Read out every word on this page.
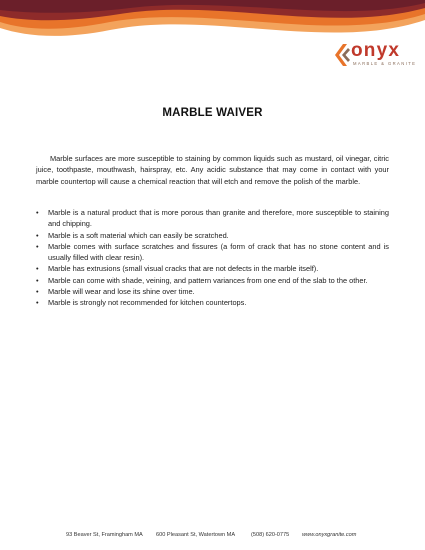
onyx
MARBLE & GRANITE
MARBLE WAIVER

Marble surfaces are more susceptible to staining by common liquids such as mustard, oil vinegar, citric juice, toothpaste, mouthwash, hairspray, etc. Any acidic substance that may come in contact with your marble countertop will cause a chemical reaction that will etch and remove the polish of the marble.

• Marble is a natural product that is more porous than granite and therefore, more susceptible to staining and chipping.
• Marble is a soft material which can easily be scratched.
• Marble comes with surface scratches and fissures (a form of crack that has no stone content and is usually filled with clear resin).
• Marble has extrusions (small visual cracks that are not defects in the marble itself).
• Marble can come with shade, veining, and pattern variances from one end of the slab to the other.
• Marble will wear and lose its shine over time.
• Marble is strongly not recommended for kitchen countertops.
93 Beaver St, Framingham MA 600 Pleasant St, Watertown MA	(508) 620-0775 www.onyxgranite.com
